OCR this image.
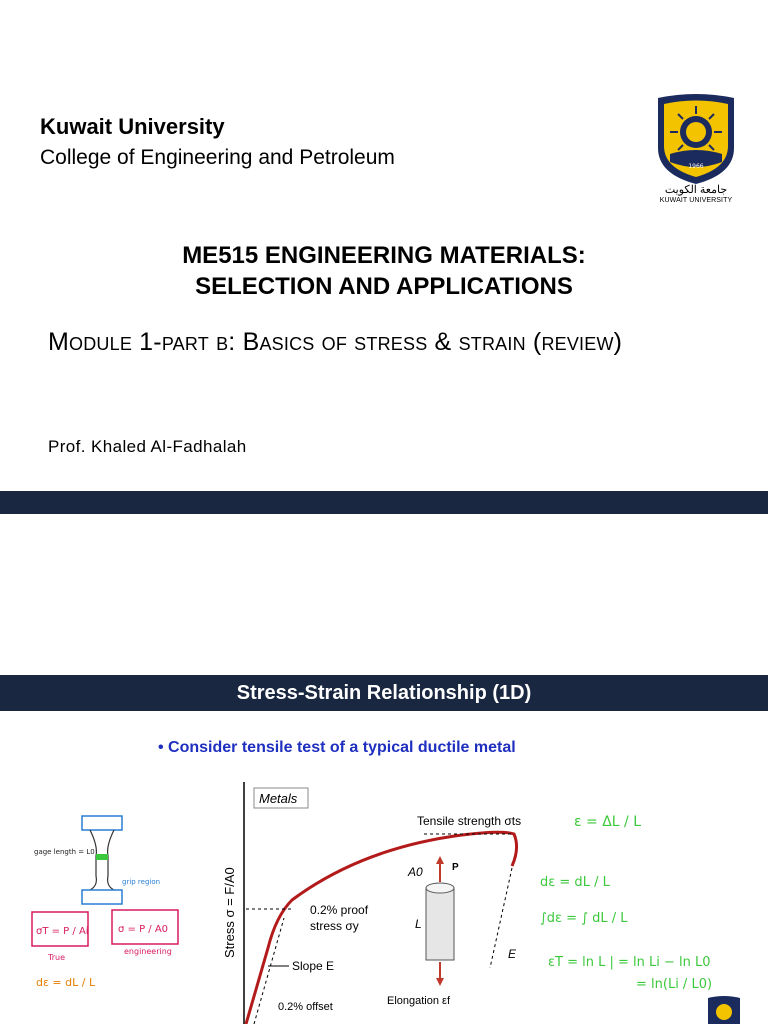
Kuwait University
College of Engineering and Petroleum
ME515 ENGINEERING MATERIALS:
SELECTION AND APPLICATIONS
Module 1-part b: Basics of stress & strain (review)
Prof. Khaled Al-Fadhalah
1966
جامعة الكويت
KUWAIT UNIVERSITY
Stress-Strain Relationship (1D)
• Consider tensile test of a typical ductile metal
Metals
Stress σ = F/A0
Tensile strength σts
0.2% proof
stress σy
Slope E
0.2% offset	Elongation εf
A0	P
L
E
gage length = L0
grip region
σT = P / Ai	σ = P / A0
True
engineering
dε = dL / L
ε = ΔL / L
dε = dL / L
∫dε = ∫ dL / L
εT = ln L | = ln Li − ln L0
= ln(Li / L0)
